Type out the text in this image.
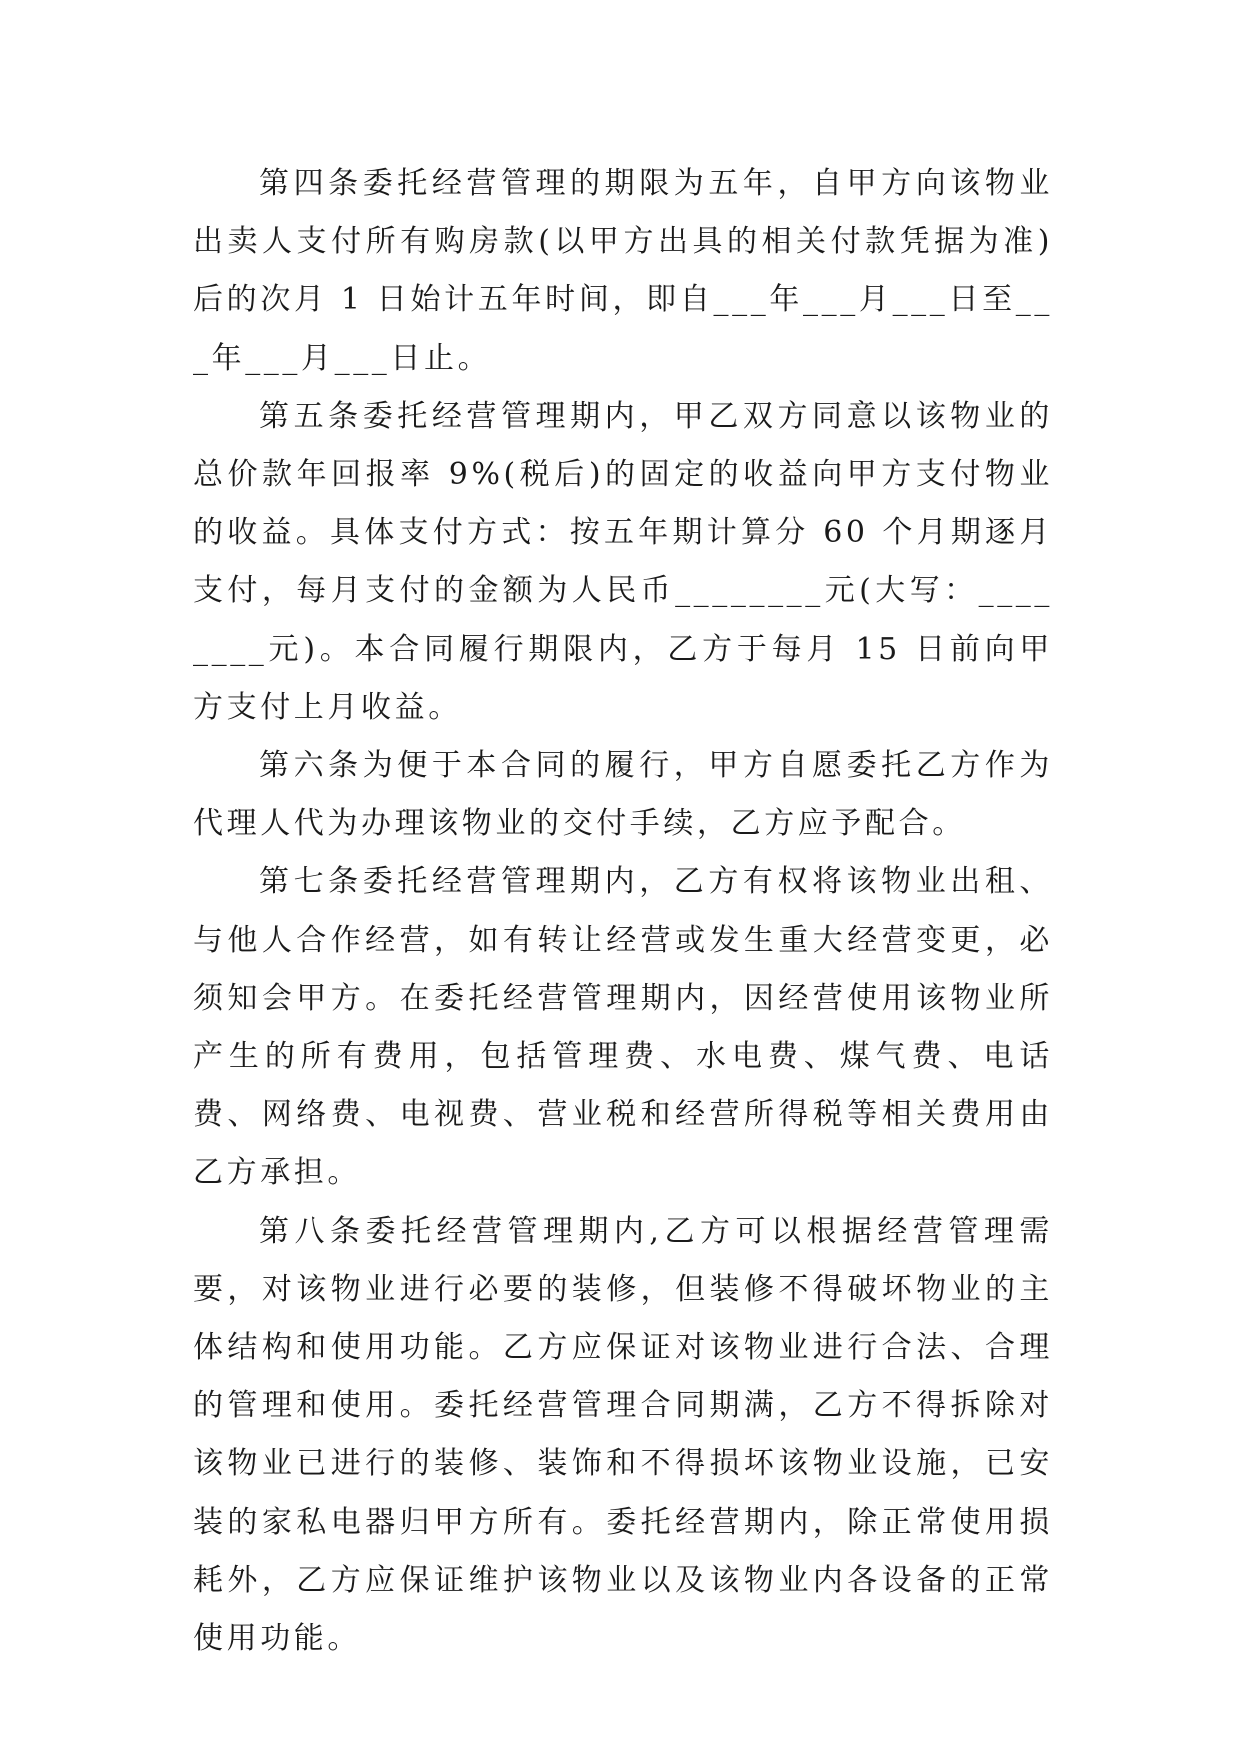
第四条委托经营管理的期限为五年，自甲方向该物业出卖人支付所有购房款(以甲方出具的相关付款凭据为准)后的次月 1 日始计五年时间，即自___年___月___日至___年___月___日止。

第五条委托经营管理期内，甲乙双方同意以该物业的总价款年回报率 9%(税后)的固定的收益向甲方支付物业的收益。具体支付方式：按五年期计算分 60 个月期逐月支付，每月支付的金额为人民币________元(大写：________元)。本合同履行期限内，乙方于每月 15 日前向甲方支付上月收益。

第六条为便于本合同的履行，甲方自愿委托乙方作为代理人代为办理该物业的交付手续，乙方应予配合。

第七条委托经营管理期内，乙方有权将该物业出租、与他人合作经营，如有转让经营或发生重大经营变更，必须知会甲方。在委托经营管理期内，因经营使用该物业所产生的所有费用，包括管理费、水电费、煤气费、电话费、网络费、电视费、营业税和经营所得税等相关费用由乙方承担。

第八条委托经营管理期内,乙方可以根据经营管理需要，对该物业进行必要的装修，但装修不得破坏物业的主体结构和使用功能。乙方应保证对该物业进行合法、合理的管理和使用。委托经营管理合同期满，乙方不得拆除对该物业已进行的装修、装饰和不得损坏该物业设施，已安装的家私电器归甲方所有。委托经营期内，除正常使用损耗外，乙方应保证维护该物业以及该物业内各设备的正常使用功能。
